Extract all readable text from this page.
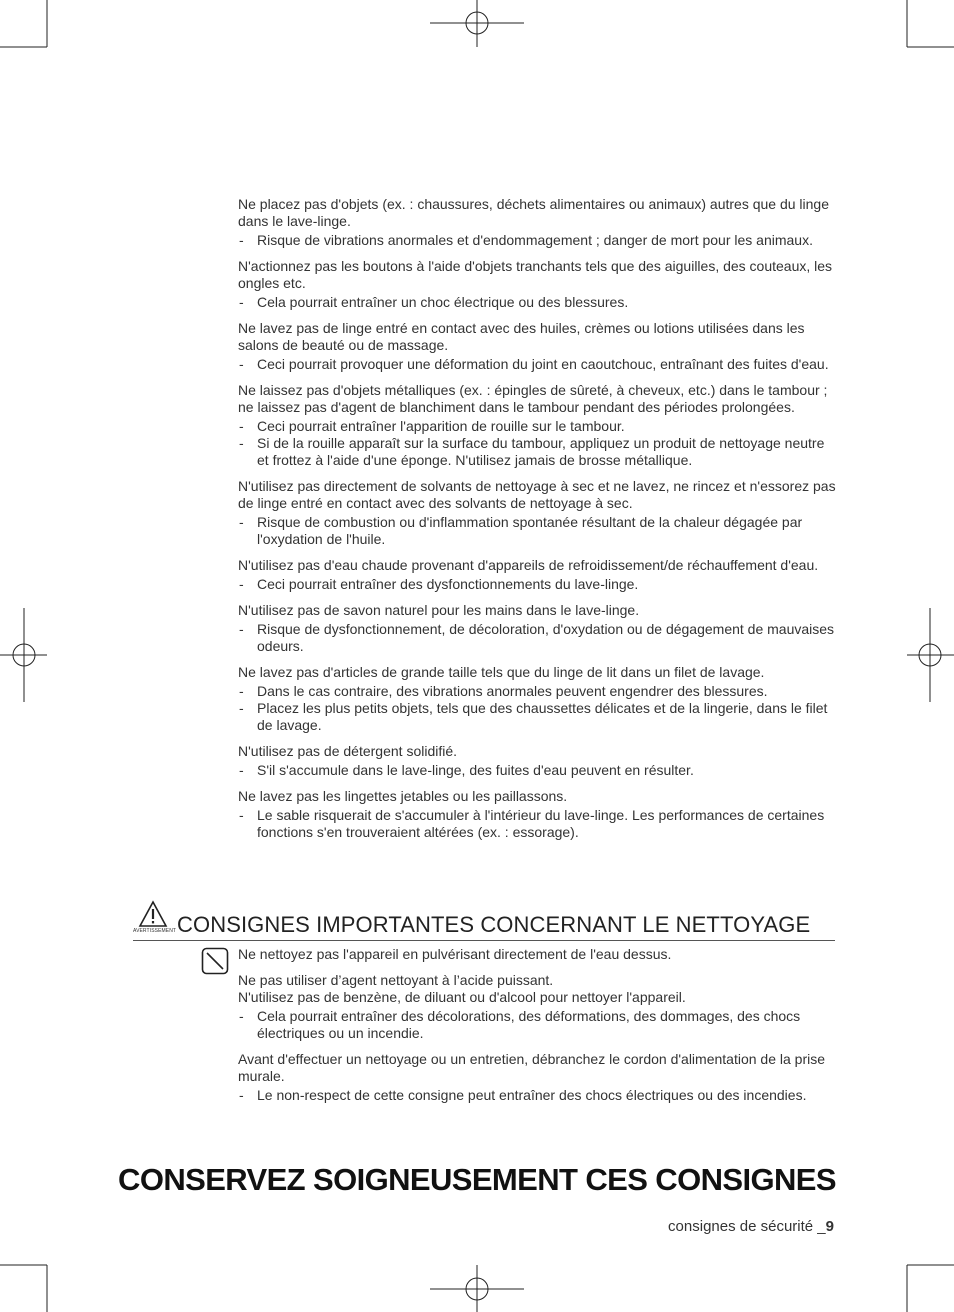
Ne placez pas d'objets (ex. : chaussures, déchets alimentaires ou animaux) autres que du linge dans le lave-linge.

- Risque de vibrations anormales et d'endommagement ; danger de mort pour les animaux.

N'actionnez pas les boutons à l'aide d'objets tranchants tels que des aiguilles, des couteaux, les ongles etc.

- Cela pourrait entraîner un choc électrique ou des blessures.

Ne lavez pas de linge entré en contact avec des huiles, crèmes ou lotions utilisées dans les salons de beauté ou de massage.

- Ceci pourrait provoquer une déformation du joint en caoutchouc, entraînant des fuites d'eau.

Ne laissez pas d'objets métalliques (ex. : épingles de sûreté, à cheveux, etc.) dans le tambour ; ne laissez pas d'agent de blanchiment dans le tambour pendant des périodes prolongées.

- Ceci pourrait entraîner l'apparition de rouille sur le tambour.
- Si de la rouille apparaît sur la surface du tambour, appliquez un produit de nettoyage neutre et frottez à l'aide d'une éponge. N'utilisez jamais de brosse métallique.

N'utilisez pas directement de solvants de nettoyage à sec et ne lavez, ne rincez et n'essorez pas de linge entré en contact avec des solvants de nettoyage à sec.

- Risque de combustion ou d'inflammation spontanée résultant de la chaleur dégagée par l'oxydation de l'huile.

N'utilisez pas d'eau chaude provenant d'appareils de refroidissement/de réchauffement d'eau.

- Ceci pourrait entraîner des dysfonctionnements du lave-linge.

N'utilisez pas de savon naturel pour les mains dans le lave-linge.

- Risque de dysfonctionnement, de décoloration, d'oxydation ou de dégagement de mauvaises odeurs.

Ne lavez pas d'articles de grande taille tels que du linge de lit dans un filet de lavage.

- Dans le cas contraire, des vibrations anormales peuvent engendrer des blessures.
- Placez les plus petits objets, tels que des chaussettes délicates et de la lingerie, dans le filet de lavage.

N'utilisez pas de détergent solidifié.

- S'il s'accumule dans le lave-linge, des fuites d'eau peuvent en résulter.

Ne lavez pas les lingettes jetables ou les paillassons.

- Le sable risquerait de s'accumuler à l'intérieur du lave-linge. Les performances de certaines fonctions s'en trouveraient altérées (ex. : essorage).
AVERTISSEMENT CONSIGNES IMPORTANTES CONCERNANT LE NETTOYAGE

Ne nettoyez pas l'appareil en pulvérisant directement de l'eau dessus.

Ne pas utiliser d’agent nettoyant à l’acide puissant.

N'utilisez pas de benzène, de diluant ou d'alcool pour nettoyer l'appareil.

- Cela pourrait entraîner des décolorations, des déformations, des dommages, des chocs électriques ou un incendie.

Avant d'effectuer un nettoyage ou un entretien, débranchez le cordon d'alimentation de la prise murale.

- Le non-respect de cette consigne peut entraîner des chocs électriques ou des incendies.
CONSERVEZ SOIGNEUSEMENT CES CONSIGNES
consignes de sécurité _9
